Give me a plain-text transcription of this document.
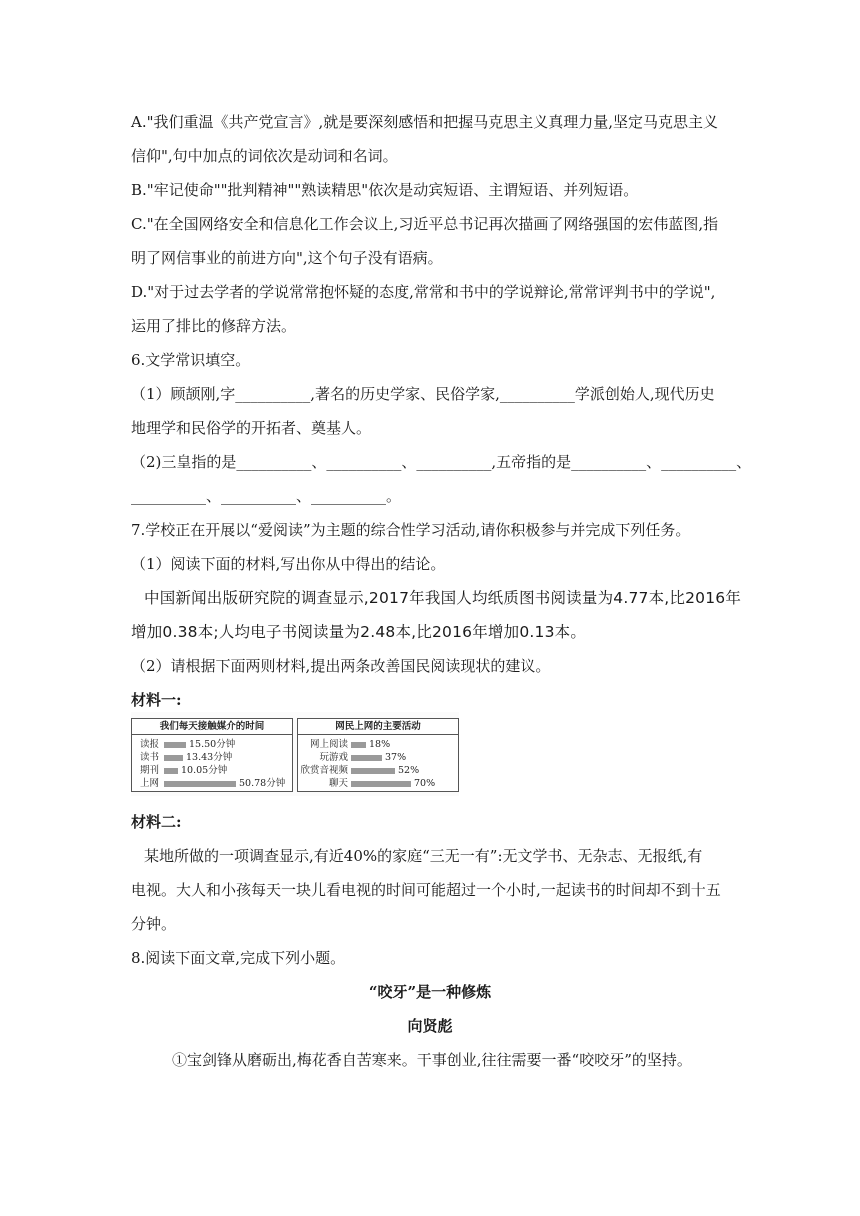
A."我们重温《共产党宣言》,就是要深刻感悟和把握马克思主义真理力量,坚定马克思主义
信仰",句中加点的词依次是动词和名词。
B."牢记使命""批判精神""熟读精思"依次是动宾短语、主谓短语、并列短语。
C."在全国网络安全和信息化工作会议上,习近平总书记再次描画了网络强国的宏伟蓝图,指
明了网信事业的前进方向",这个句子没有语病。
D."对于过去学者的学说常常抱怀疑的态度,常常和书中的学说辩论,常常评判书中的学说",
运用了排比的修辞方法。
6.文学常识填空。
（1）顾颉刚,字__________,著名的历史学家、民俗学家,__________学派创始人,现代历史
地理学和民俗学的开拓者、奠基人。
（2)三皇指的是__________、__________、__________,五帝指的是__________、__________、
__________、__________、__________。
7.学校正在开展以“爱阅读”为主题的综合性学习活动,请你积极参与并完成下列任务。
（1）阅读下面的材料,写出你从中得出的结论。
中国新闻出版研究院的调查显示,2017年我国人均纸质图书阅读量为4.77本,比2016年
增加0.38本;人均电子书阅读量为2.48本,比2016年增加0.13本。
（2）请根据下面两则材料,提出两条改善国民阅读现状的建议。
材料一:
我们每天接触媒介的时间
读报	15.50分钟
读书	13.43分钟
期刊 10.05分钟
上网	50.78分钟
网民上网的主要活动
网上阅读 18%
玩游戏	37%
欣赏音视频	52%
聊天	70%
材料二:
某地所做的一项调查显示,有近40%的家庭“三无一有”:无文学书、无杂志、无报纸,有
电视。大人和小孩每天一块儿看电视的时间可能超过一个小时,一起读书的时间却不到十五
分钟。
8.阅读下面文章,完成下列小题。
“咬牙”是一种修炼
向贤彪
①宝剑锋从磨砺出,梅花香自苦寒来。干事创业,往往需要一番“咬咬牙”的坚持。
